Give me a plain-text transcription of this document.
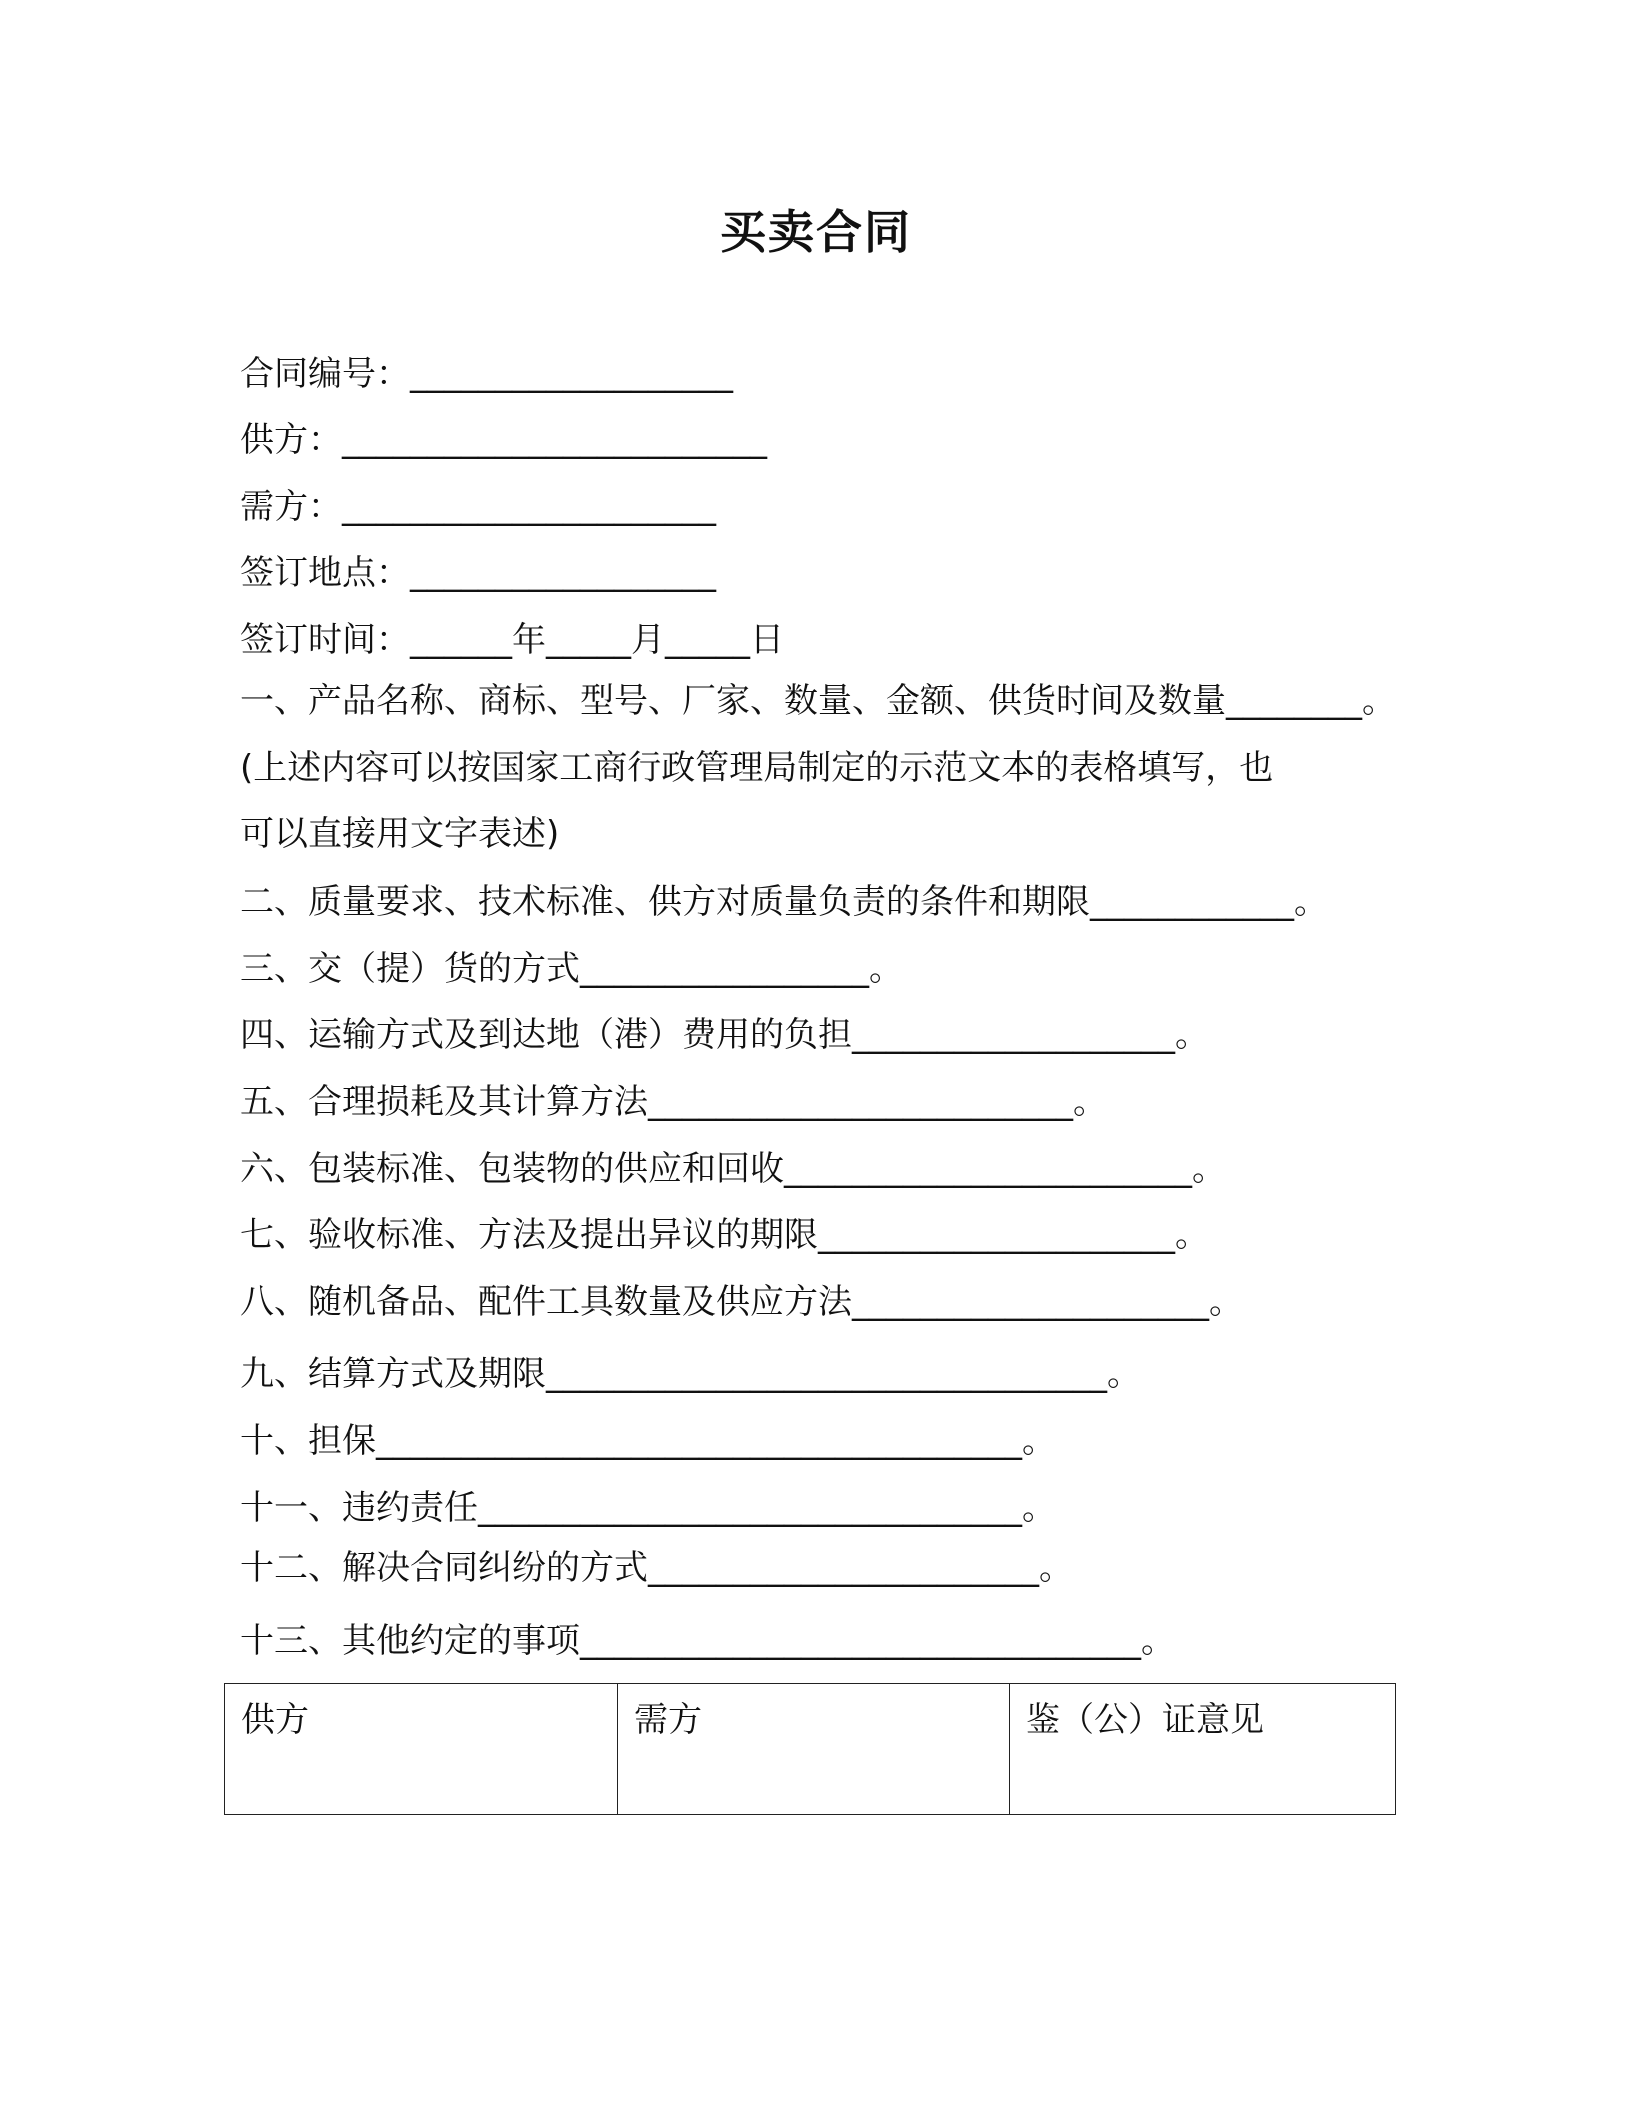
买卖合同
合同编号：___________________
供方：_________________________
需方：______________________
签订地点：__________________
签订时间：______年_____月_____日
一、产品名称、商标、型号、厂家、数量、金额、供货时间及数量________。
(上述内容可以按国家工商行政管理局制定的示范文本的表格填写，也
可以直接用文字表述)
二、质量要求、技术标准、供方对质量负责的条件和期限____________。
三、交（提）货的方式_________________。
四、运输方式及到达地（港）费用的负担___________________。
五、合理损耗及其计算方法_________________________。
六、包装标准、包装物的供应和回收________________________。
七、验收标准、方法及提出异议的期限_____________________。
八、随机备品、配件工具数量及供应方法_____________________。
九、结算方式及期限_________________________________。
十、担保______________________________________。
十一、违约责任________________________________。
十二、解决合同纠纷的方式_______________________。
十三、其他约定的事项_________________________________。
供方	需方	鉴（公）证意见
